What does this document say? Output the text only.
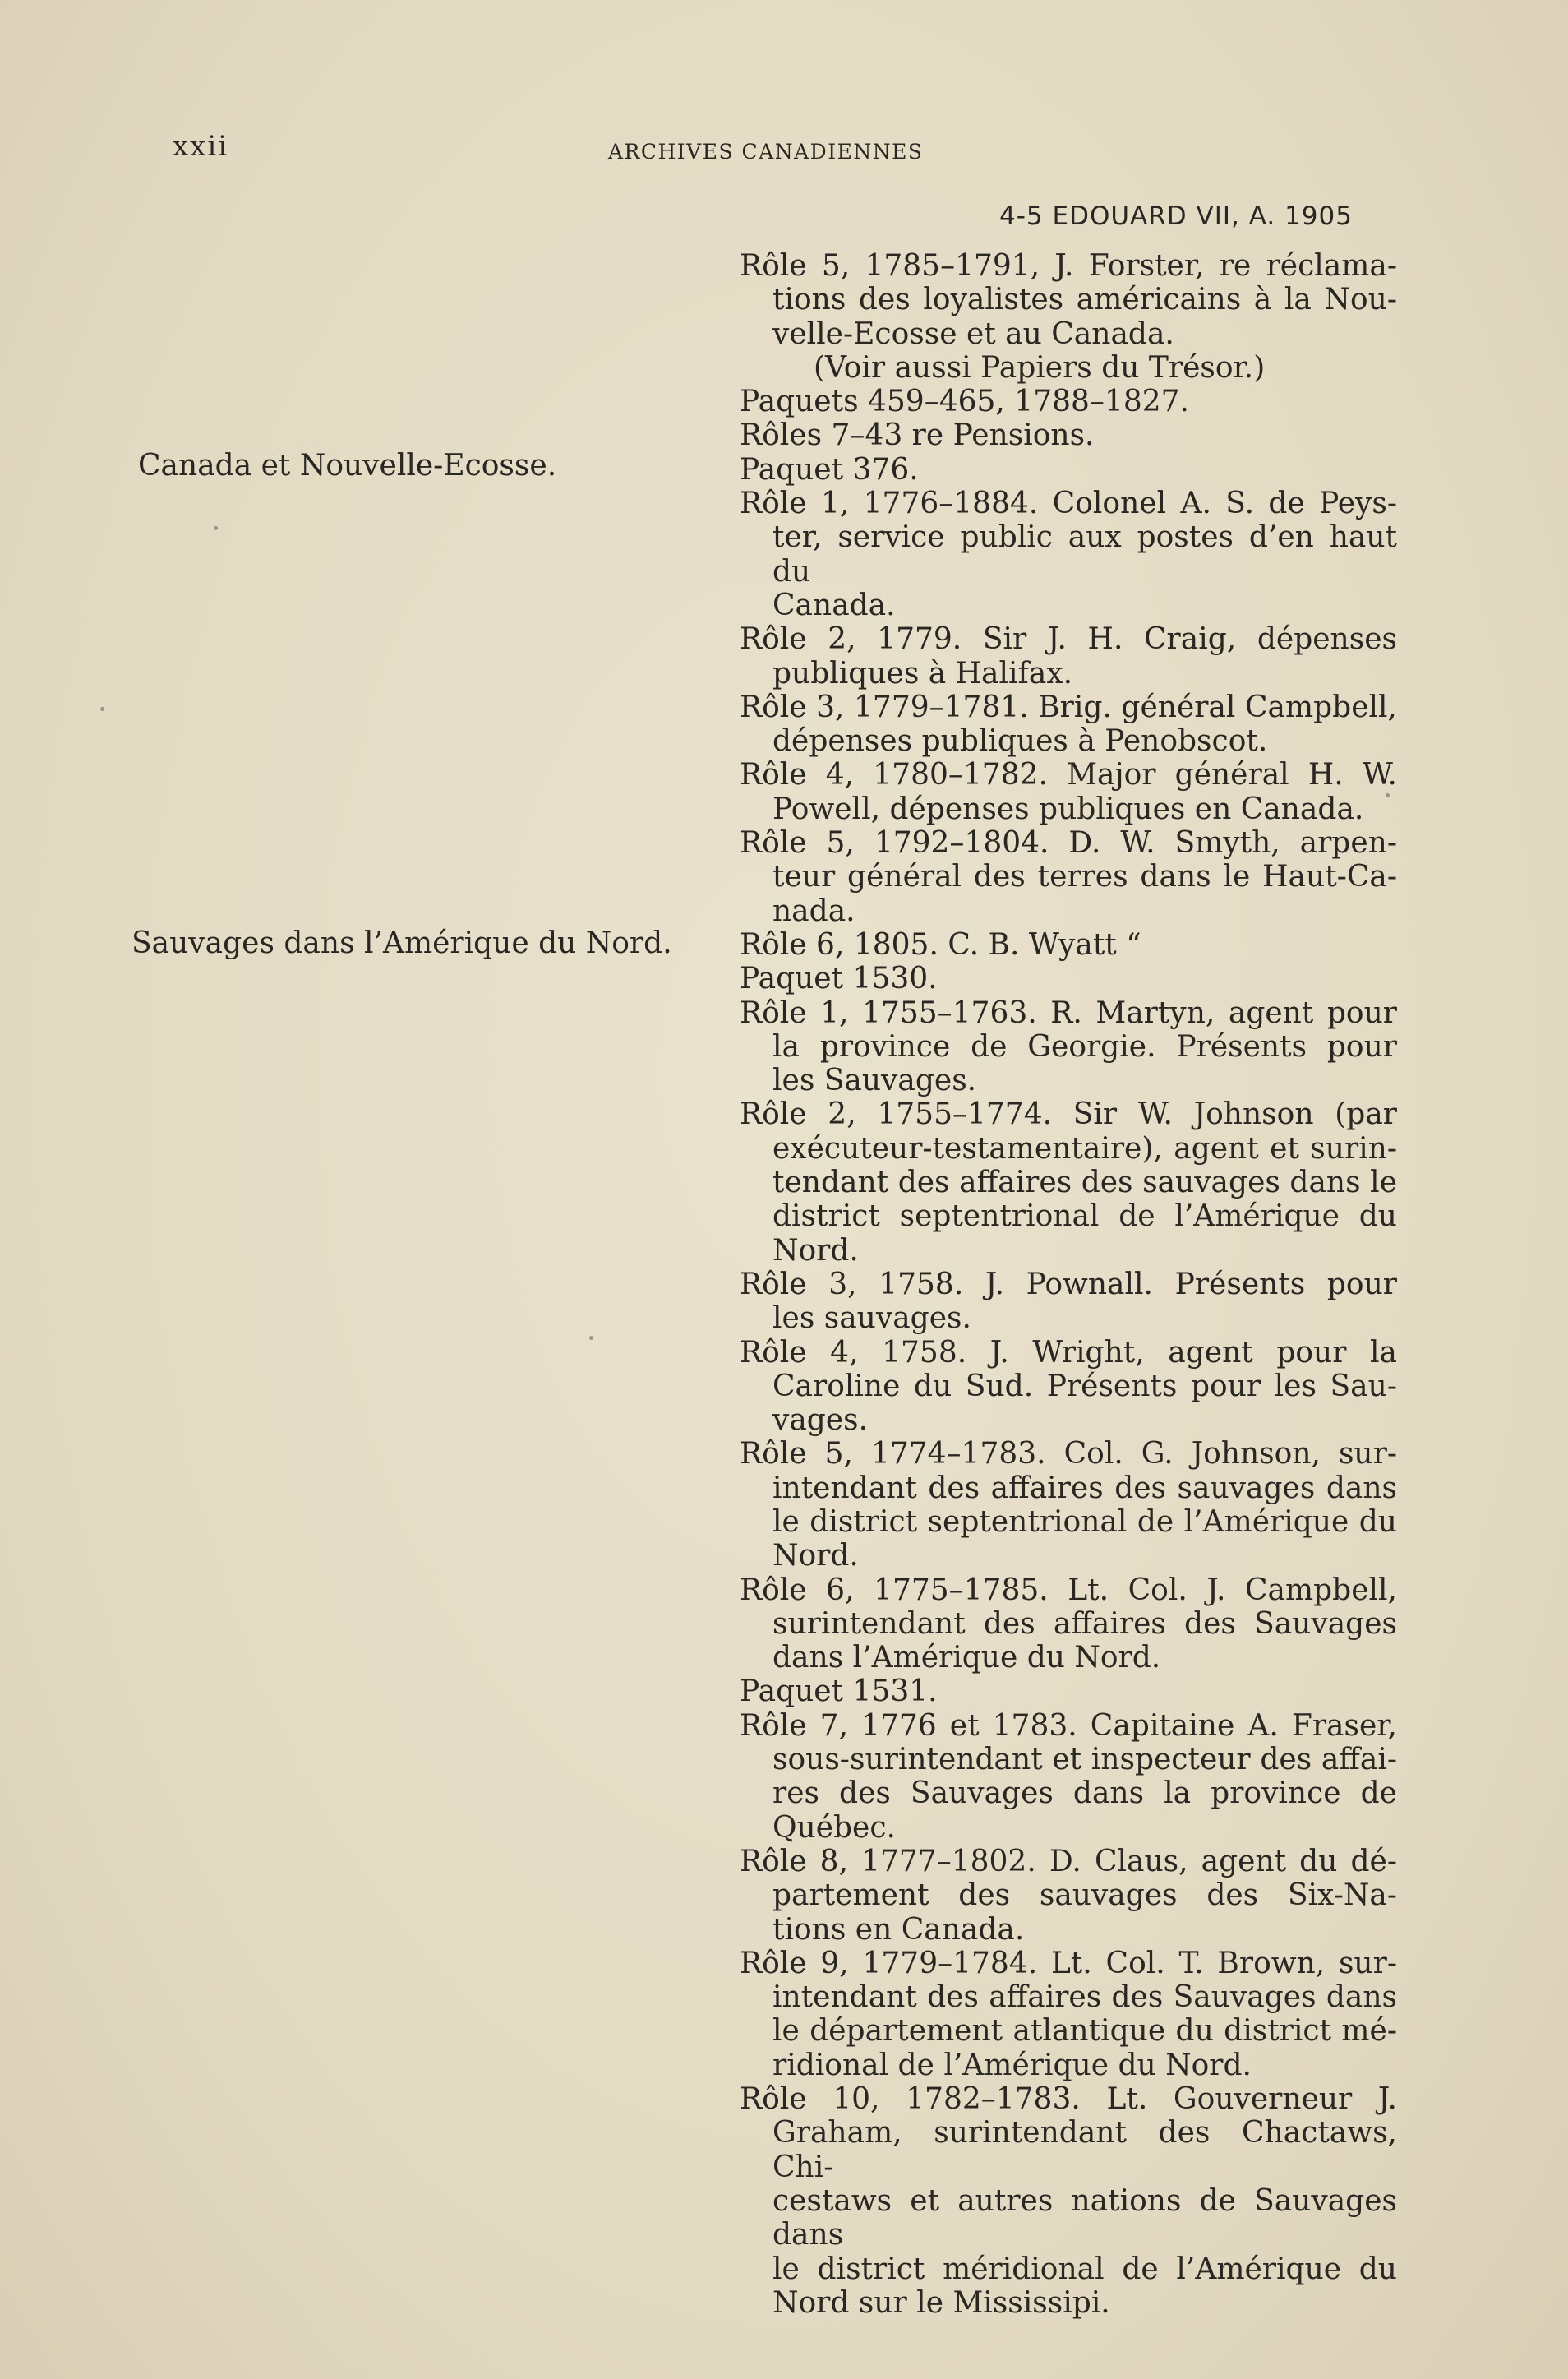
xxii	ARCHIVES CANADIENNES
4-5 EDOUARD VII, A. 1905
Canada et Nouvelle-Ecosse.
Sauvages dans l’Amérique du Nord.
Rôle 5, 1785–1791, J. Forster, re réclama-
tions des loyalistes américains à la Nou-
velle-Ecosse et au Canada.
(Voir aussi Papiers du Trésor.)
Paquets 459–465, 1788–1827.
Rôles 7–43 re Pensions.
Paquet 376.
Rôle 1, 1776–1884. Colonel A. S. de Peys-
ter, service public aux postes d’en haut du
Canada.
Rôle 2, 1779. Sir J. H. Craig, dépenses
publiques à Halifax.
Rôle 3, 1779–1781. Brig. général Campbell,
dépenses publiques à Penobscot.
Rôle 4, 1780–1782. Major général H. W.
Powell, dépenses publiques en Canada.
Rôle 5, 1792–1804. D. W. Smyth, arpen-
teur général des terres dans le Haut-Ca-
nada.
Rôle 6, 1805. C. B. Wyatt “
Paquet 1530.
Rôle 1, 1755–1763. R. Martyn, agent pour
la province de Georgie. Présents pour
les Sauvages.
Rôle 2, 1755–1774. Sir W. Johnson (par
exécuteur-testamentaire), agent et surin-
tendant des affaires des sauvages dans le
district septentrional de l’Amérique du
Nord.
Rôle 3, 1758. J. Pownall. Présents pour
les sauvages.
Rôle 4, 1758. J. Wright, agent pour la
Caroline du Sud. Présents pour les Sau-
vages.
Rôle 5, 1774–1783. Col. G. Johnson, sur-
intendant des affaires des sauvages dans
le district septentrional de l’Amérique du
Nord.
Rôle 6, 1775–1785. Lt. Col. J. Campbell,
surintendant des affaires des Sauvages
dans l’Amérique du Nord.
Paquet 1531.
Rôle 7, 1776 et 1783. Capitaine A. Fraser,
sous-surintendant et inspecteur des affai-
res des Sauvages dans la province de
Québec.
Rôle 8, 1777–1802. D. Claus, agent du dé-
partement des sauvages des Six-Na-
tions en Canada.
Rôle 9, 1779–1784. Lt. Col. T. Brown, sur-
intendant des affaires des Sauvages dans
le département atlantique du district mé-
ridional de l’Amérique du Nord.
Rôle 10, 1782–1783. Lt. Gouverneur J.
Graham, surintendant des Chactaws, Chi-
cestaws et autres nations de Sauvages dans
le district méridional de l’Amérique du
Nord sur le Mississipi.
